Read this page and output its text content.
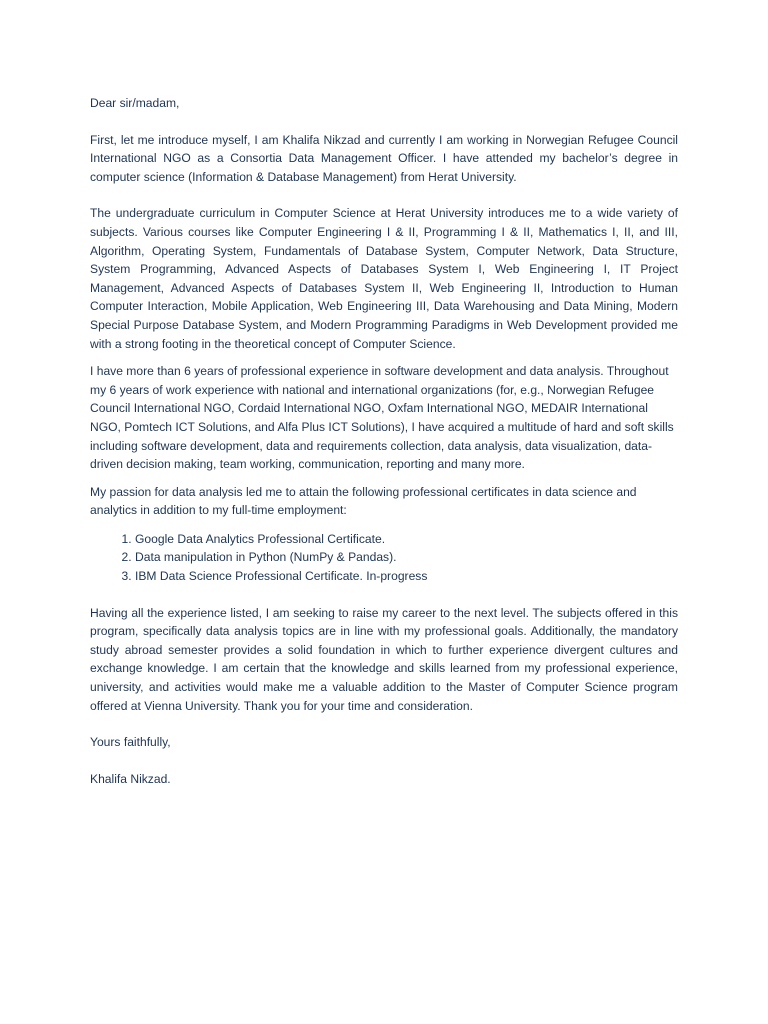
Dear sir/madam,

First, let me introduce myself, I am Khalifa Nikzad and currently I am working in Norwegian Refugee Council International NGO as a Consortia Data Management Officer. I have attended my bachelor’s degree in computer science (Information & Database Management) from Herat University.

The undergraduate curriculum in Computer Science at Herat University introduces me to a wide variety of subjects. Various courses like Computer Engineering I & II, Programming I & II, Mathematics I, II, and III, Algorithm, Operating System, Fundamentals of Database System, Computer Network, Data Structure, System Programming, Advanced Aspects of Databases System I, Web Engineering I, IT Project Management, Advanced Aspects of Databases System II, Web Engineering II, Introduction to Human Computer Interaction, Mobile Application, Web Engineering III, Data Warehousing and Data Mining, Modern Special Purpose Database System, and Modern Programming Paradigms in Web Development provided me with a strong footing in the theoretical concept of Computer Science.

I have more than 6 years of professional experience in software development and data analysis. Throughout my 6 years of work experience with national and international organizations (for, e.g., Norwegian Refugee Council International NGO, Cordaid International NGO, Oxfam International NGO, MEDAIR International NGO, Pomtech ICT Solutions, and Alfa Plus ICT Solutions), I have acquired a multitude of hard and soft skills including software development, data and requirements collection, data analysis, data visualization, data-driven decision making, team working, communication, reporting and many more.

My passion for data analysis led me to attain the following professional certificates in data science and analytics in addition to my full-time employment:

1. Google Data Analytics Professional Certificate.
2. Data manipulation in Python (NumPy & Pandas).
3. IBM Data Science Professional Certificate. In-progress

Having all the experience listed, I am seeking to raise my career to the next level. The subjects offered in this program, specifically data analysis topics are in line with my professional goals. Additionally, the mandatory study abroad semester provides a solid foundation in which to further experience divergent cultures and exchange knowledge. I am certain that the knowledge and skills learned from my professional experience, university, and activities would make me a valuable addition to the Master of Computer Science program offered at Vienna University. Thank you for your time and consideration.

Yours faithfully,

Khalifa Nikzad.
